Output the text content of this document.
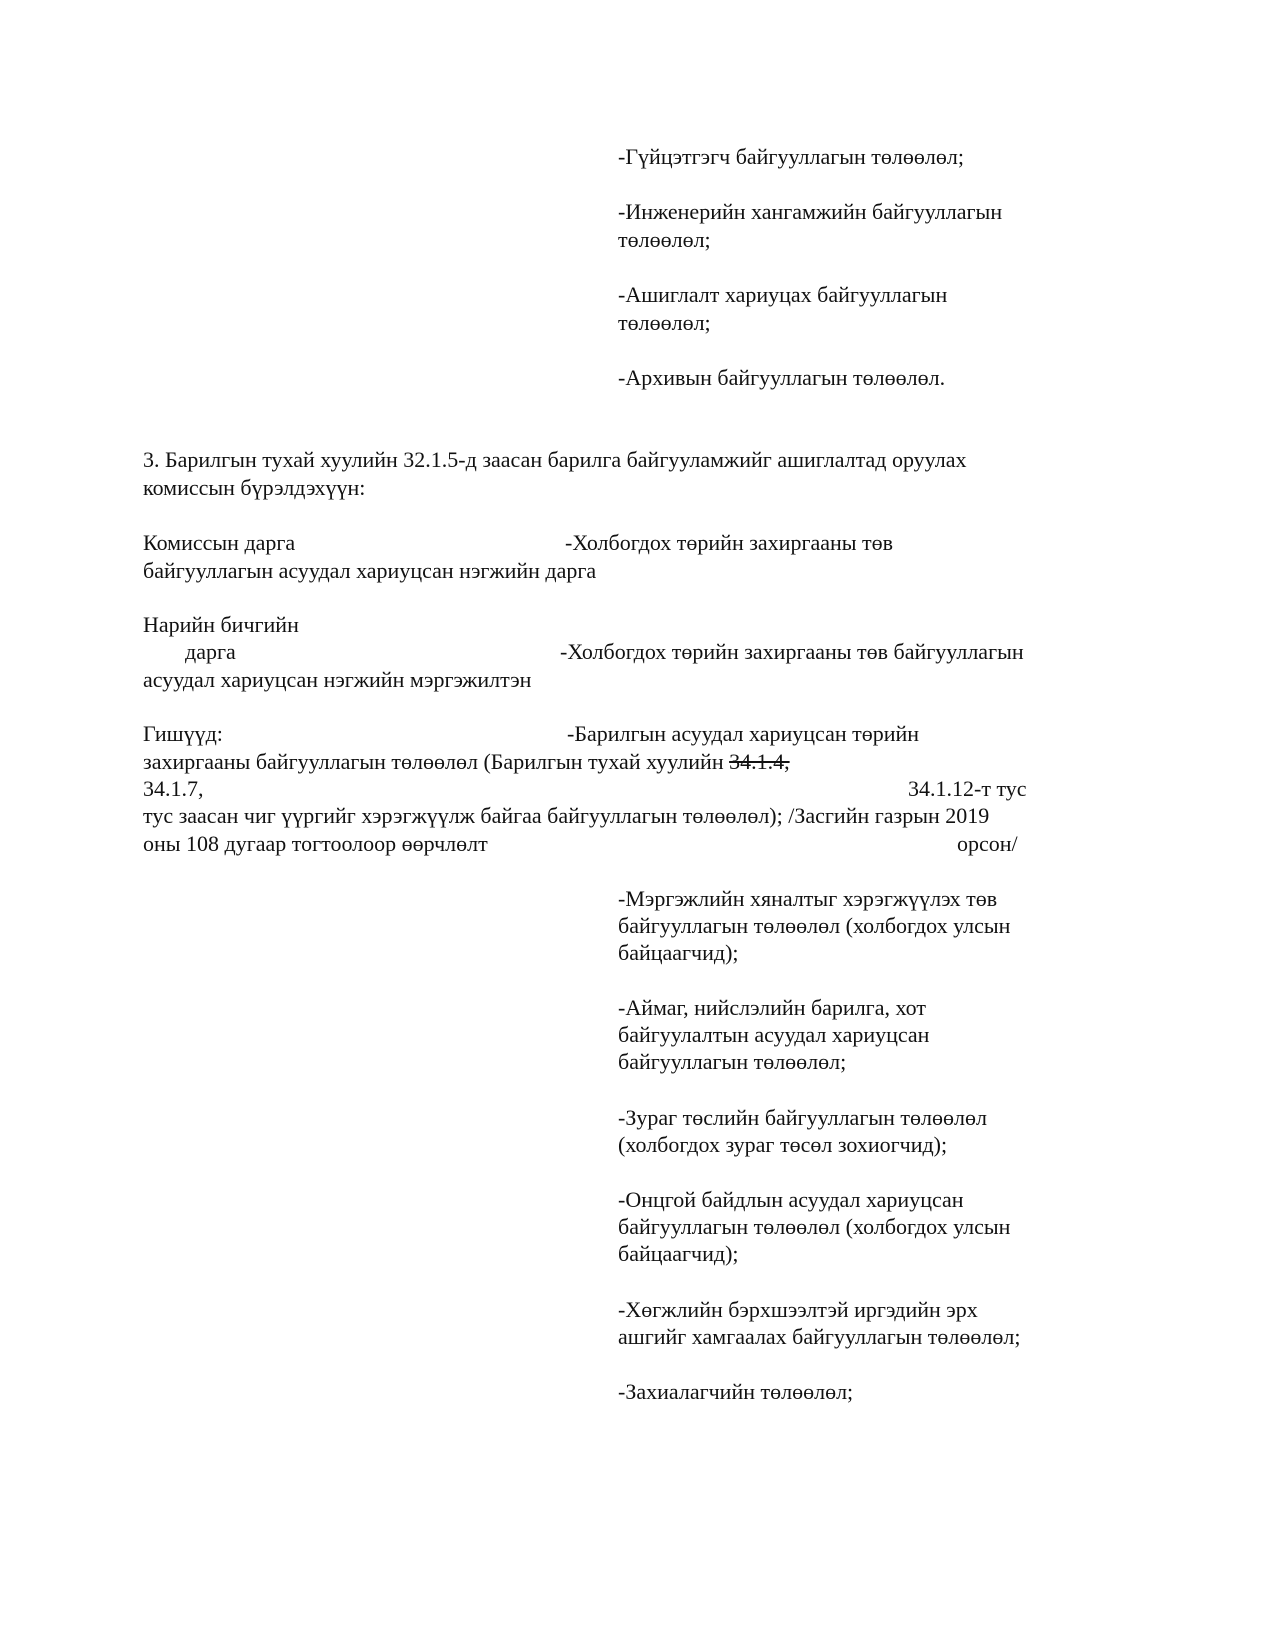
-Гүйцэтгэгч байгууллагын төлөөлөл;
-Инженерийн хангамжийн байгууллагын
төлөөлөл;
-Ашиглалт хариуцах байгууллагын
төлөөлөл;
-Архивын байгууллагын төлөөлөл.
3. Барилгын тухай хуулийн 32.1.5-д заасан барилга байгууламжийг ашиглалтад оруулах
комиссын бүрэлдэхүүн:
Комиссын дарга	-Холбогдох төрийн захиргааны төв
байгууллагын асуудал хариуцсан нэгжийн дарга
Нарийн бичгийн
дарга	-Холбогдох төрийн захиргааны төв байгууллагын
асуудал хариуцсан нэгжийн мэргэжилтэн
Гишүүд:	-Барилгын асуудал хариуцсан төрийн
захиргааны байгууллагын төлөөлөл (Барилгын тухай хуулийн 34.1.4,
34.1.7,	34.1.12-т тус
тус заасан чиг үүргийг хэрэгжүүлж байгаа байгууллагын төлөөлөл); /Засгийн газрын 2019
оны 108 дугаар тогтоолоор өөрчлөлт	орсон/
-Мэргэжлийн хяналтыг хэрэгжүүлэх төв
байгууллагын төлөөлөл (холбогдох улсын
байцаагчид);
-Аймаг, нийслэлийн барилга, хот
байгуулалтын асуудал хариуцсан
байгууллагын төлөөлөл;
-Зураг төслийн байгууллагын төлөөлөл
(холбогдох зураг төсөл зохиогчид);
-Онцгой байдлын асуудал хариуцсан
байгууллагын төлөөлөл (холбогдох улсын
байцаагчид);
-Хөгжлийн бэрхшээлтэй иргэдийн эрх
ашгийг хамгаалах байгууллагын төлөөлөл;
-Захиалагчийн төлөөлөл;
